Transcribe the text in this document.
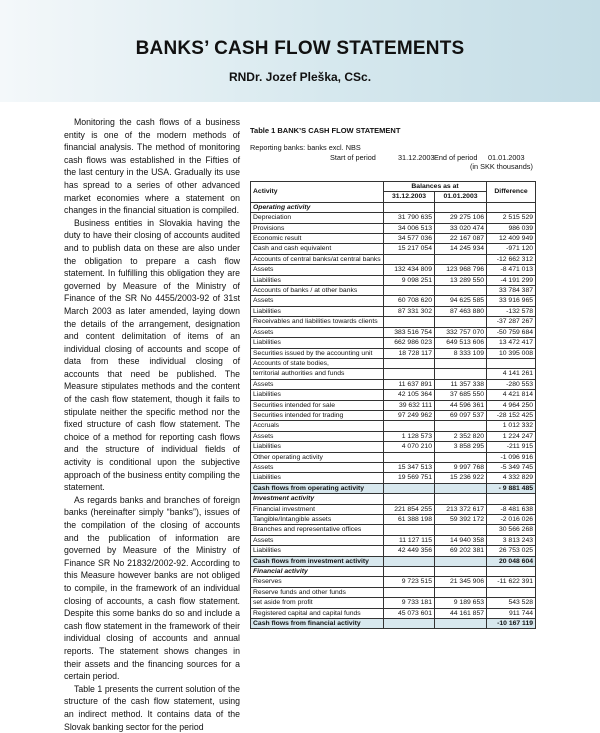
BANKS’ CASH FLOW STATEMENTS
RNDr. Jozef Pleška, CSc.

Monitoring the cash flows of a business entity is one of the modern methods of financial analysis. The method of monitoring cash flows was established in the Fifties of the last century in the USA. Gradually its use has spread to a series of other advanced market economies where a statement on changes in the financial situation is compiled.

Business entities in Slovakia having the duty to have their closing of accounts audited and to publish data on these are also under the obligation to prepare a cash flow statement. In fulfilling this obligation they are governed by Measure of the Ministry of Finance of the SR No 4455/2003-92 of 31st March 2003 as later amended, laying down the details of the arrangement, designation and content delimitation of items of an individual closing of accounts and scope of data from these individual closing of accounts that need be published. The Measure stipulates methods and the content of the cash flow statement, though it fails to stipulate neither the specific method nor the fixed structure of cash flow statement. The choice of a method for reporting cash flows and the structure of individual fields of activity is conditional upon the subjective approach of the business entity compiling the statement.

As regards banks and branches of foreign banks (hereinafter simply “banks”), issues of the compilation of the closing of accounts and the publication of information are governed by Measure of the Ministry of Finance SR No 21832/2002-92. According to this Measure however banks are not obliged to compile, in the framework of an individual closing of accounts, a cash flow statement. Despite this some banks do so and include a cash flow statement in the framework of their individual closing of accounts and annual reports. The statement shows changes in their assets and the financing sources for a certain period.

Table 1 presents the current solution of the structure of the cash flow statement, using an indirect method. It contains data of the Slovak banking sector for the period

Table 1 BANK’S CASH FLOW STATEMENT
Reporting banks: banks excl. NBS
Start of period	31.12.2003 End of period 01.01.2003
(in SKK thousands)
Activity	Balances as at		Difference
	31.12.2003	01.01.2003	
Operating activity			
Depreciation	31 790 635	29 275 106	2 515 529
Provisions	34 006 513	33 020 474	986 039
Economic result	34 577 036	22 167 087	12 409 949
Cash and cash equivalent	15 217 054	14 245 934	-971 120
Accounts of central banks/at central banks			-12 662 312
Assets	132 434 809	123 968 796	-8 471 013
Liabilities	9 098 251	13 289 550	-4 191 299
Accounts of banks / at other banks			33 784 387
Assets	60 708 620	94 625 585	33 916 965
Liabilities	87 331 302	87 463 880	-132 578
Receivables and liabilities towards clients			-37 287 267
Assets	383 516 754	332 757 070	-50 759 684
Liabilities	662 986 023	649 513 606	13 472 417
Securities issued by the accounting unit	18 728 117	8 333 109	10 395 008
Accounts of state bodies,			
territorial authorities and funds			4 141 261
Assets	11 637 891	11 357 338	-280 553
Liabilities	42 105 364	37 685 550	4 421 814
Securities intended for sale	39 632 111	44 596 361	4 964 250
Securities intended for trading	97 249 962	69 097 537	-28 152 425
Accruals			1 012 332
Assets	1 128 573	2 352 820	1 224 247
Liabilities	4 070 210	3 858 295	-211 915
Other operating activity			-1 096 916
Assets	15 347 513	9 997 768	-5 349 745
Liabilities	19 569 751	15 236 922	4 332 829
Cash flows from operating activity			- 9 881 485
Investment activity			
Financial investment	221 854 255	213 372 617	-8 481 638
Tangible/Intangible assets	61 388 198	59 392 172	-2 016 026
Branches and representative offices			30 566 268
Assets	11 127 115	14 940 358	3 813 243
Liabilities	42 449 356	69 202 381	26 753 025
Cash flows from investment activity			20 048 604
Financial activity			
Reserves	9 723 515	21 345 906	-11 622 391
Reserve funds and other funds			
set aside from profit	9 733 181	9 189 653	543 528
Registered capital and capital funds	45 073 601	44 161 857	911 744
Cash flows from financial activity			-10 167 119
